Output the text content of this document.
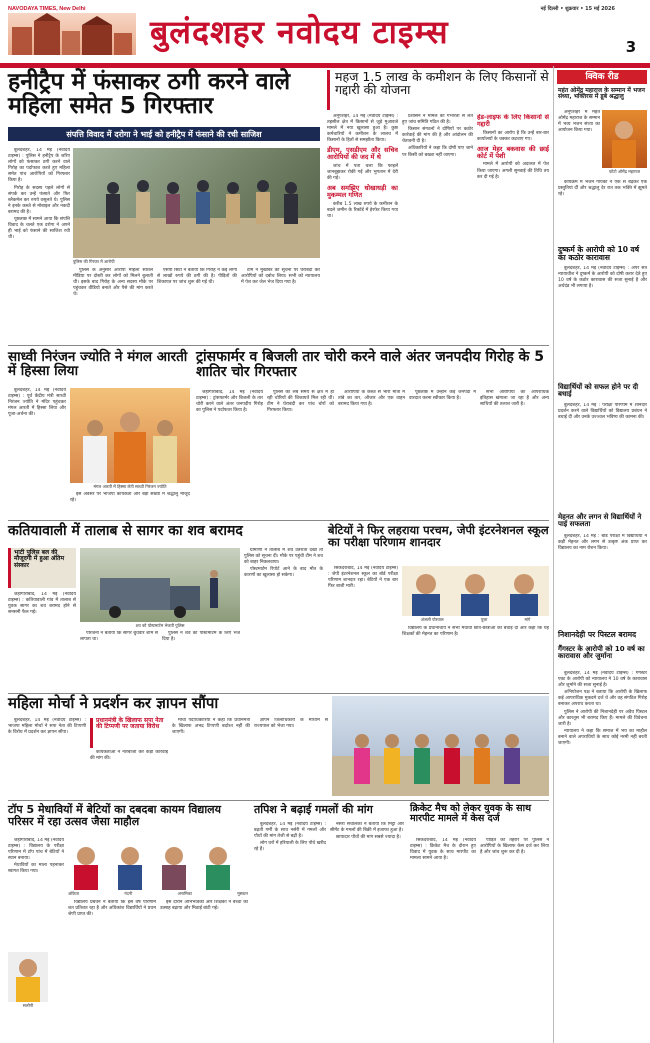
NAVODAYA TIMES, New Delhi
बुलंदशहर नवोदय टाइम्स
नई दिल्ली • शुक्रवार • 15 मई 2026
3
हनीट्रैप में फंसाकर ठगी करने वाले महिला समेत 5 गिरफ्तार
संपत्ति विवाद में दरोगा ने भाई को हनीट्रैप में फंसाने की रची साजिश

बुलंदशहर, 14 मई (नवोदय टाइम्स) : पुलिस ने हनीट्रैप के जरिए लोगों को फंसाकर ठगी करने वाले गिरोह का पर्दाफाश करते हुए महिला समेत पांच आरोपियों को गिरफ्तार किया है।

गिरोह के सदस्य पहले लोगों से संपर्क कर उन्हें फंसाते और फिर ब्लैकमेल कर रुपये वसूलते थे। पुलिस ने इनके कब्जे से मोबाइल और नकदी बरामद की है।

पूछताछ में सामने आया कि संपत्ति विवाद के चलते एक दरोगा ने अपने ही भाई को फंसाने की साजिश रची थी।

पुलिस की गिरफ्त में आरोपी

पुलिस के अनुसार आरोपी महिला सोशल मीडिया पर दोस्ती कर लोगों को मिलने बुलाती थी। इसके बाद गिरोह के अन्य सदस्य मौके पर पहुंचकर वीडियो बनाते और पैसे की मांग करते थे।

एसपी सिटी ने बताया कि गिरोह ने कई लोगों से लाखों रुपये की ठगी की है। पीड़ितों की शिकायत पर जांच शुरू की गई थी।

टीम ने मुखबिर की सूचना पर घेराबंदी कर आरोपियों को दबोच लिया। सभी को न्यायालय में पेश कर जेल भेज दिया गया है।

महज 1.5 लाख के कमीशन के लिए किसानों से गद्दारी की योजना

अनूपशहर, 14 मई (नवोदय टाइम्स) : तहसील क्षेत्र में किसानों से जुड़े मुआवजे मामले में नया खुलासा हुआ है। कुछ कर्मचारियों ने कमीशन के लालच में किसानों के हितों से समझौता किया।

डीएम, एसडीएम और सचिव आरोपियों की जद में थे

जांच में पता चला कि फाइलें जानबूझकर रोकी गईं और भुगतान में देरी की गई।

अब समझिए धोखाधड़ी का मुकम्मल गणित

करीब 1.5 लाख रुपये के कमीशन के बदले जमीन के रिकॉर्ड में हेरफेर किया गया था।

प्रशासन ने मामले को गंभीरता से लेते हुए जांच समिति गठित की है।

किसान संगठनों ने दोषियों पर कठोर कार्रवाई की मांग की है और आंदोलन की चेतावनी दी है।

अधिकारियों ने कहा कि दोषी पाए जाने पर किसी को बख्शा नहीं जाएगा।

हेड-लाइफ के लिए किसानों से गद्दारी

किसानों का आरोप है कि उन्हें बार-बार कार्यालयों के चक्कर कटवाए गए।

आज मेहर बकवास की छाई कोर्ट में पेशी

मामले में आरोपी को अदालत में पेश किया जाएगा। अगली सुनवाई की तिथि तय कर दी गई है।

क्विक रीड
महंत ओमेंद्र महाराज के सम्मान में भजन संध्या, भक्तिरस में डूबे श्रद्धालु
फोटो ओमेंद्र महाराज

अनूपशहर में महंत ओमेंद्र महाराज के सम्मान में भव्य भजन संध्या का आयोजन किया गया।

कार्यक्रम में भजन गायकों ने एक से बढ़कर एक प्रस्तुतियां दीं और श्रद्धालु देर रात तक भक्ति में झूमते रहे।

दुष्कर्म के आरोपी को 10 वर्ष का कठोर कारावास

बुलंदशहर, 14 मई (नवोदय टाइम्स) : अपर सत्र न्यायाधीश ने दुष्कर्म के आरोपी को दोषी करार देते हुए 10 वर्ष के कठोर कारावास की सजा सुनाई है और अर्थदंड भी लगाया है।

विद्यार्थियों को सफल होने पर दी बधाई

बुलंदशहर, 14 मई : परीक्षा परिणाम में शानदार प्रदर्शन करने वाले विद्यार्थियों को विद्यालय प्रबंधन ने बधाई दी और उनके उज्ज्वल भविष्य की कामना की।

मेहनत और लगन से विद्यार्थियों ने पाई सफलता

बुलंदशहर, 14 मई : बोर्ड परीक्षा में विद्यार्थियों ने कड़ी मेहनत और लगन से उत्कृष्ट अंक प्राप्त कर विद्यालय का नाम रोशन किया।

निशानदेही पर पिस्टल बरामद
गैंगस्टर के आरोपी को 10 वर्ष का कारावास और जुर्माना

बुलंदशहर, 14 मई (नवोदय टाइम्स) : गैंगस्टर एक्ट के आरोपी को न्यायालय ने 10 वर्ष के कारावास और जुर्माने की सजा सुनाई है।

अभियोजन पक्ष ने बताया कि आरोपी के खिलाफ कई आपराधिक मुकदमे दर्ज थे और वह संगठित गिरोह बनाकर अपराध करता था।

पुलिस ने आरोपी की निशानदेही पर अवैध पिस्टल और कारतूस भी बरामद किए हैं। मामले की विवेचना जारी है।

न्यायालय ने कहा कि समाज में भय का माहौल बनाने वाले अपराधियों के साथ कोई नरमी नहीं बरती जाएगी।

साध्वी निरंजन ज्योति ने मंगल आरती में हिस्सा लिया

बुलंदशहर, 14 मई (नवोदय टाइम्स) : पूर्व केंद्रीय मंत्री साध्वी निरंजन ज्योति ने मंदिर पहुंचकर मंगल आरती में हिस्सा लिया और पूजा-अर्चना की।

मंगल आरती में हिस्सा लेती साध्वी निरंजन ज्योति

इस अवसर पर भाजपा कार्यकर्ता और बड़ी संख्या में श्रद्धालु मौजूद रहे।

ट्रांसफार्मर व बिजली तार चोरी करने वाले अंतर जनपदीय गिरोह के 5 शातिर चोर गिरफ्तार

जहांगीराबाद, 14 मई (नवोदय टाइम्स) : ट्रांसफार्मर और बिजली के तार चोरी करने वाले अंतर जनपदीय गिरोह का पुलिस ने पर्दाफाश किया है।

पुलिस को लंबे समय से क्षेत्र में हो रही चोरियों की शिकायतें मिल रही थीं। टीम ने घेराबंदी कर पांच चोरों को गिरफ्तार किया।

आरोपियों के कब्जे से भारी मात्रा में तांबे का तार, औजार और एक वाहन बरामद किया गया है।

पूछताछ में उन्होंने कई जनपदों में वारदात करना स्वीकार किया है।

सभी आरोपियों का आपराधिक इतिहास खंगाला जा रहा है और अन्य साथियों की तलाश जारी है।

कतियावाली में तालाब से सागर का शव बरामद
भाटी पुलिस बल की मौजूदगी में हुआ अंतिम संस्कार

जहांगीराबाद, 14 मई (नवोदय टाइम्स) : कतियावाली गांव में तालाब से युवक सागर का शव बरामद होने से सनसनी फैल गई।

शव को पोस्टमार्टम भेजती पुलिस

परिजनों ने बताया कि सागर बुधवार शाम से लापता था।

पुलिस ने शव को पोस्टमार्टम के लिए भेज दिया है।

ग्रामीणों ने तालाब में शव उतराता देखा तो पुलिस को सूचना दी। मौके पर पहुंची टीम ने शव को बाहर निकलवाया।

पोस्टमार्टम रिपोर्ट आने के बाद मौत के कारणों का खुलासा हो सकेगा।

बेटियों ने फिर लहराया परचम, जेपी इंटरनेशनल स्कूल का परीक्षा परिणाम शानदार

सिकंदराबाद, 14 मई (नवोदय टाइम्स) : जेपी इंटरनेशनल स्कूल का बोर्ड परीक्षा परिणाम शानदार रहा। बेटियों ने एक बार फिर बाजी मारी।

अंजली पोरवाल	पूजा	मांगे

विद्यालय के प्रधानाचार्य ने सभी मेधावी छात्र-छात्राओं को बधाई दी और कहा कि यह शिक्षकों की मेहनत का परिणाम है।

महिला मोर्चा ने प्रदर्शन कर ज्ञापन सौंपा

बुलंदशहर, 14 मई (नवोदय टाइम्स) : भाजपा महिला मोर्चा ने सपा नेता की टिप्पणी के विरोध में प्रदर्शन कर ज्ञापन सौंपा।

प्रधानमंत्री के खिलाफ सपा नेता की टिप्पणी पर जताया विरोध

कार्यकर्ताओं ने नारेबाजी कर कड़ी कार्रवाई की मांग की।

मोर्चा पदाधिकारियों ने कहा कि प्रधानमंत्री के खिलाफ अभद्र टिप्पणी बर्दाश्त नहीं की जाएगी।

ज्ञापन जिलाधिकारी के माध्यम से राज्यपाल को भेजा गया।

टॉप 5 मेधावियों में बेटियों का दबदबा कायम विद्यालय परिसर में रहा उत्सव जैसा माहौल

जहांगीराबाद, 14 मई (नवोदय टाइम्स) : विद्यालय के परीक्षा परिणाम में टॉप पांच में बेटियों ने स्थान बनाया।

मेधावियों का माला पहनाकर स्वागत किया गया।

अंकिता	नंदनी	अनामिका	मुस्कान
सलोनी

विद्यालय प्रबंधन ने बताया कि इस वर्ष परिणाम शत प्रतिशत रहा है और अधिकांश विद्यार्थियों ने प्रथम श्रेणी प्राप्त की।

इस दौरान अभिभावकों और शिक्षकों ने बच्चों का उत्साह बढ़ाया और मिठाई बांटी गई।

तपिश ने बढ़ाई गमलों की मांग

बुलंदशहर, 14 मई (नवोदय टाइम्स) : बढ़ती गर्मी के साथ नर्सरी में गमलों और पौधों की मांग तेजी से बढ़ी है।

लोग घरों में हरियाली के लिए पौधे खरीद रहे हैं।

नर्सरी संचालकों ने बताया कि मिट्टी और सीमेंट के गमलों की बिक्री में इजाफा हुआ है।

छायादार पौधों की मांग सबसे ज्यादा है।

क्रिकेट मैच को लेकर युवक के साथ मारपीट मामले में केस दर्ज

सिकंदराबाद, 14 मई (नवोदय टाइम्स) : क्रिकेट मैच के दौरान हुए विवाद में युवक के साथ मारपीट का मामला सामने आया है।

पीड़ित की तहरीर पर पुलिस ने आरोपियों के खिलाफ केस दर्ज कर लिया है और जांच शुरू कर दी है।
